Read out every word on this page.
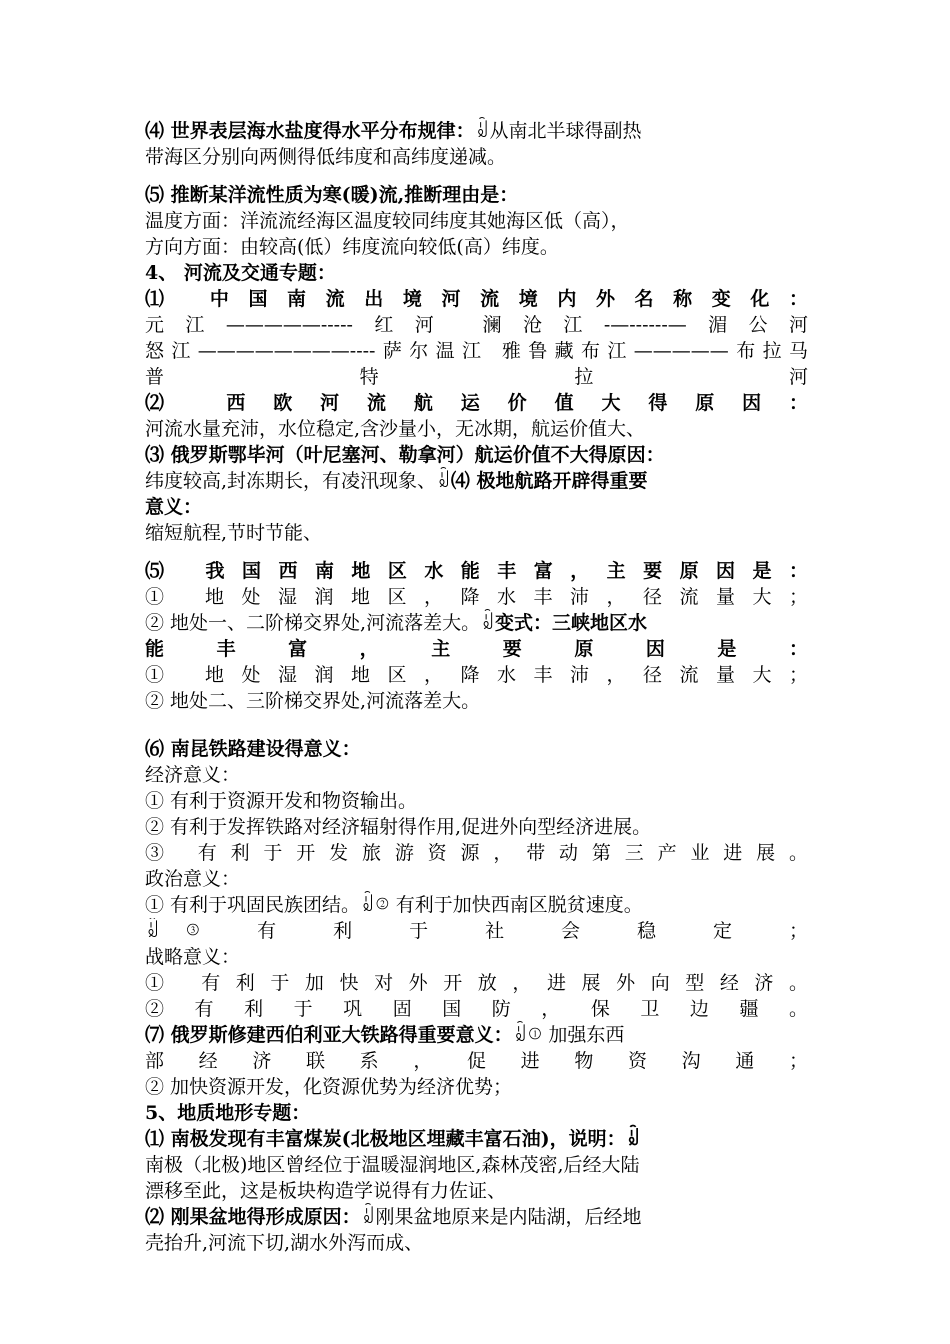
⑷ 世界表层海水盐度得水平分布规律：ꆼ从南北半球得副热
带海区分别向两侧得低纬度和高纬度递减。
⑸ 推断某洋流性质为寒(暖)流,推断理由是：
温度方面：洋流流经海区温度较同纬度其她海区低（高），
方向方面：由较高(低）纬度流向较低(高）纬度。
4、 河流及交通专题：
⑴ 中国南流出境河流境内外名称变化：
元江—————-----红河 澜沧江-—------—湄公河
怒江————————----萨尔温江 雅鲁藏布江—————布拉马
普 特 拉 河
⑵ 西欧河流航运价值大得原因：
河流水量充沛，水位稳定,含沙量小，无冰期，航运价值大、
⑶ 俄罗斯鄂毕河（叶尼塞河、勒拿河）航运价值不大得原因：
纬度较高,封冻期长，有凌汛现象、ꆼ⑷ 极地航路开辟得重要
意义：
缩短航程,节时节能、
⑸ 我国西南地区水能丰富，主要原因是：
① 地处湿润地区，降水丰沛，径流量大；
② 地处一、二阶梯交界处,河流落差大。ꆼ变式：三峡地区水
能 丰 富 ， 主 要 原 因 是 ：
① 地处湿润地区，降水丰沛，径流量大；
② 地处二、三阶梯交界处,河流落差大。
⑹ 南昆铁路建设得意义：
经济意义：
① 有利于资源开发和物资输出。
② 有利于发挥铁路对经济辐射得作用,促进外向型经济进展。
③ 有利于开发旅游资源，带动第三产业进展。
政治意义：
① 有利于巩固民族团结。ꆼ② 有利于加快西南区脱贫速度。
ꆼ③ 有 利 于 社 会 稳 定 ；
战略意义：
① 有利于加快对外开放，进展外向型经济。
② 有 利 于 巩 固 国 防 ， 保 卫 边 疆 。
⑺ 俄罗斯修建西伯利亚大铁路得重要意义：ꆼ① 加强东西
部 经 济 联 系 ， 促 进 物 资 沟 通 ；
② 加快资源开发，化资源优势为经济优势；
5、地质地形专题：
⑴ 南极发现有丰富煤炭(北极地区埋藏丰富石油)，说明：ꆼ
南极（北极)地区曾经位于温暖湿润地区,森林茂密,后经大陆
漂移至此，这是板块构造学说得有力佐证、
⑵ 刚果盆地得形成原因：ꆼ刚果盆地原来是内陆湖，后经地
壳抬升,河流下切,湖水外泻而成、
